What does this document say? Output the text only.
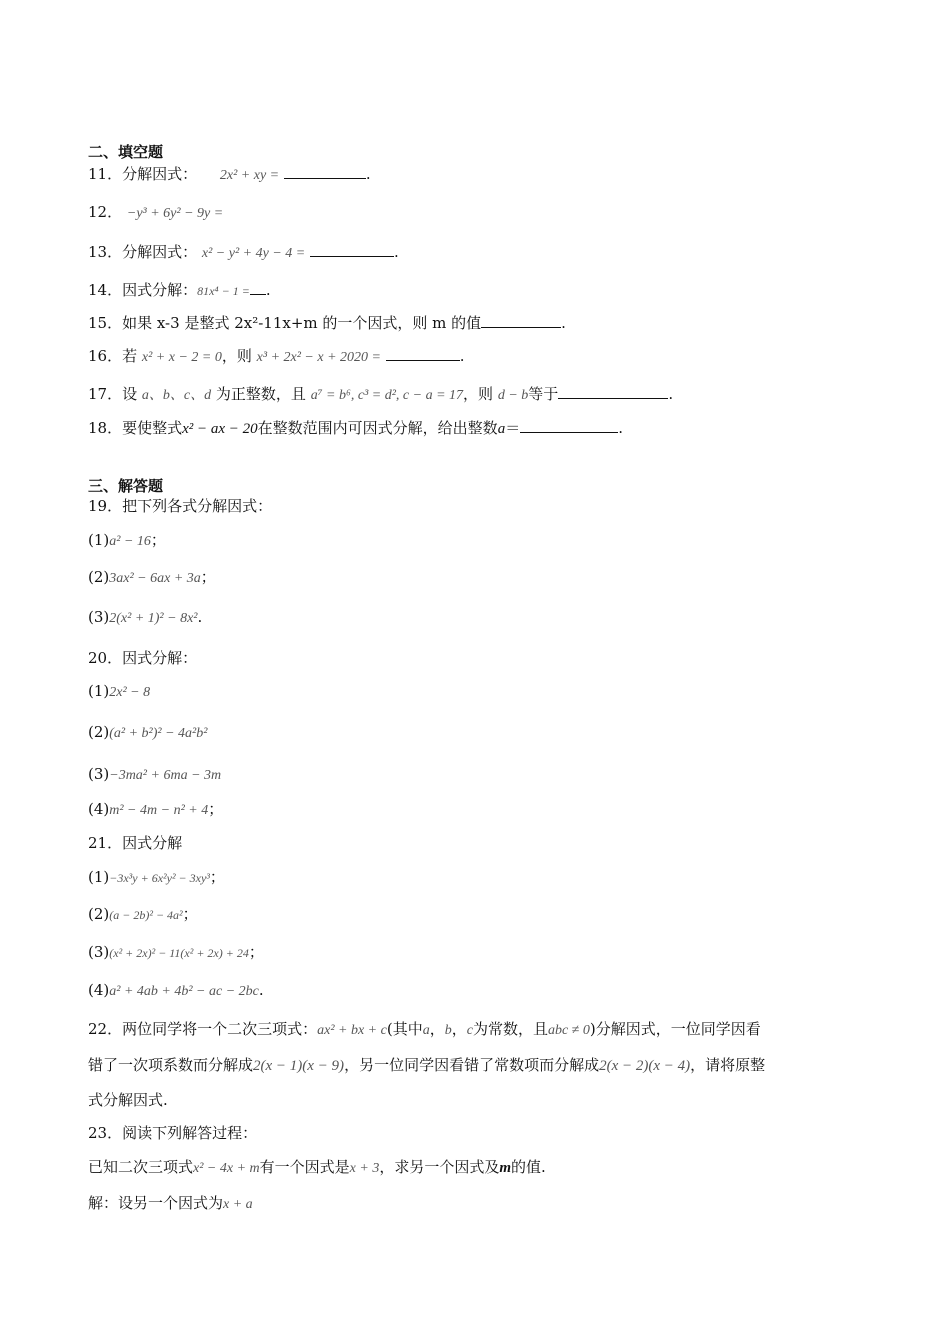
二、填空题
11．分解因式： 2x² + xy =	.
12． −y³ + 6y² − 9y =
13．分解因式： x² − y² + 4y − 4 =	.
14．因式分解：81x⁴ − 1 = .
15．如果 x-3 是整式 2x²-11x+m 的一个因式，则 m 的值	.
16．若 x² + x − 2 = 0，则 x³ + 2x² − x + 2020 =	.
17．设 a、b、c、d 为正整数，且 a⁷ = b⁶, c³ = d², c − a = 17，则 d − b等于	.
18．要使整式x² − ax − 20在整数范围内可因式分解，给出整数a＝	.
三、解答题
19．把下列各式分解因式：
(1)a² − 16；
(2)3ax² − 6ax + 3a；
(3)2(x² + 1)² − 8x².
20．因式分解：
(1)2x² − 8
(2)(a² + b²)² − 4a²b²
(3)−3ma² + 6ma − 3m
(4)m² − 4m − n² + 4；
21．因式分解
(1)−3x³y + 6x²y² − 3xy³；
(2)(a − 2b)² − 4a²；
(3)(x² + 2x)² − 11(x² + 2x) + 24；
(4)a² + 4ab + 4b² − ac − 2bc.
22．两位同学将一个二次三项式：ax² + bx + c(其中a，b，c为常数，且abc ≠ 0)分解因式，一位同学因看
错了一次项系数而分解成2(x − 1)(x − 9)，另一位同学因看错了常数项而分解成2(x − 2)(x − 4)，请将原整
式分解因式.
23．阅读下列解答过程：
已知二次三项式x² − 4x + m有一个因式是x + 3，求另一个因式及m的值.
解：设另一个因式为x + a
